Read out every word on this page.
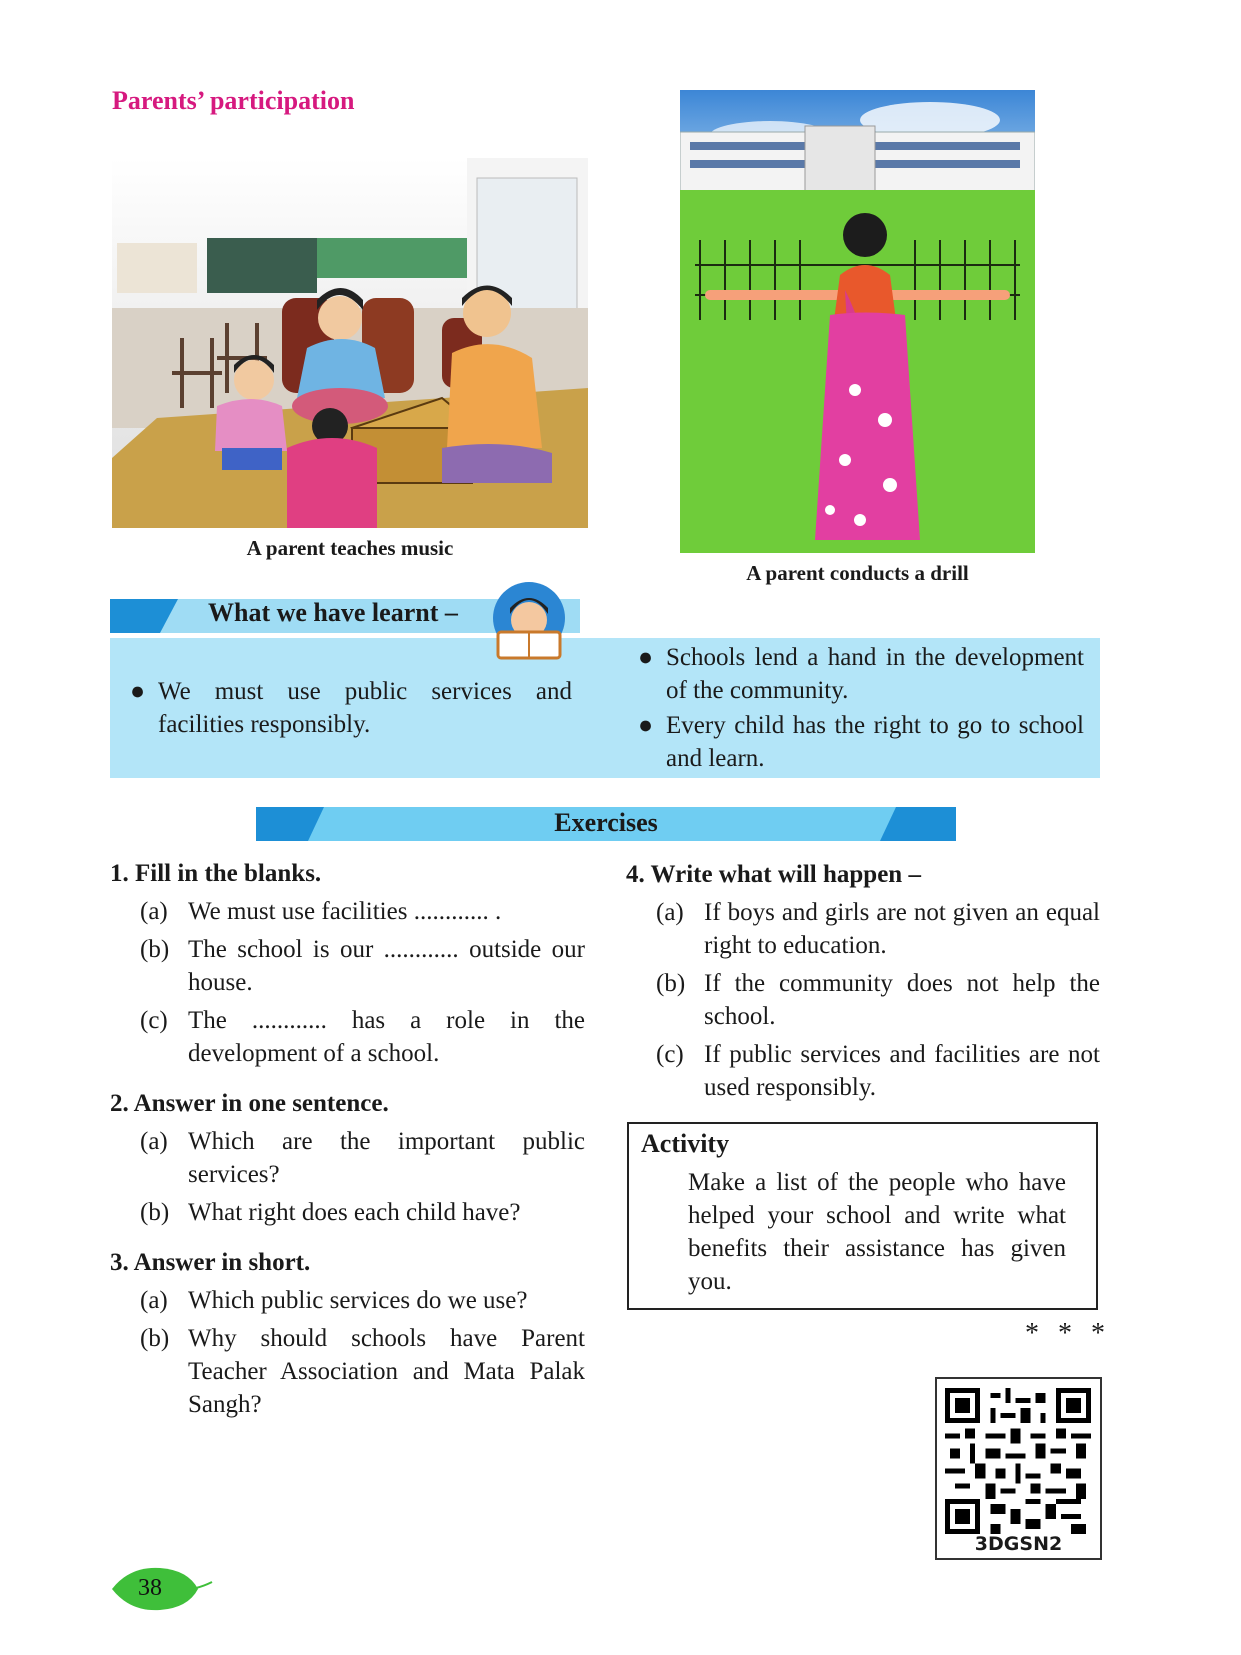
Parents’ participation
A parent teaches music
A parent conducts a drill
What we have learnt –
● We must use public services and facilities responsibly.
● Schools lend a hand in the development of the community.
● Every child has the right to go to school and learn.
Exercises
1. Fill in the blanks.
(a) We must use facilities ............ .
(b) The school is our ............ outside our house.
(c) The ............ has a role in the development of a school.
2. Answer in one sentence.
(a) Which are the important public services?
(b) What right does each child have?
3. Answer in short.
(a) Which public services do we use?
(b) Why should schools have Parent Teacher Association and Mata Palak Sangh?
4. Write what will happen –
(a) If boys and girls are not given an equal right to education.
(b) If the community does not help the school.
(c) If public services and facilities are not used responsibly.
Activity
Make a list of the people who have helped your school and write what benefits their assistance has given you.
* * *
3DGSN2
38
